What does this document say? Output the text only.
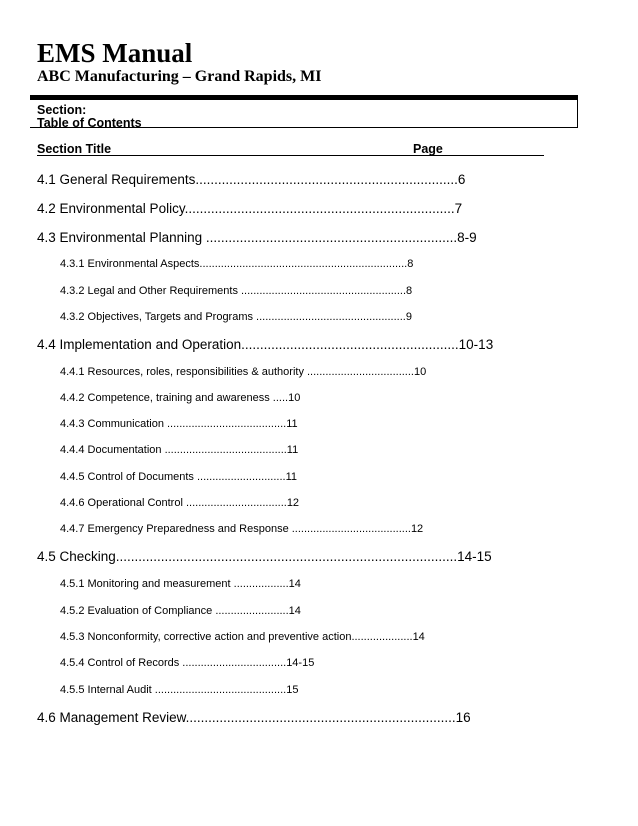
EMS Manual
ABC Manufacturing – Grand Rapids, MI
Section:
Table of Contents
Section Title	Page
4.1 General Requirements......................................................................6
4.2 Environmental Policy........................................................................7
4.3 Environmental Planning ...................................................................8-9
4.3.1 Environmental Aspects....................................................................8
4.3.2 Legal and Other Requirements ......................................................8
4.3.2 Objectives, Targets and Programs .................................................9
4.4 Implementation and Operation..........................................................10-13
4.4.1 Resources, roles, responsibilities & authority ...................................10
4.4.2 Competence, training and awareness .....10
4.4.3 Communication .......................................11
4.4.4 Documentation ........................................11
4.4.5 Control of Documents .............................11
4.4.6 Operational Control .................................12
4.4.7 Emergency Preparedness and Response .......................................12
4.5 Checking...........................................................................................14-15
4.5.1 Monitoring and measurement ..................14
4.5.2 Evaluation of Compliance ........................14
4.5.3 Nonconformity, corrective action and preventive action....................14
4.5.4 Control of Records ..................................14-15
4.5.5 Internal Audit ...........................................15
4.6 Management Review........................................................................16
